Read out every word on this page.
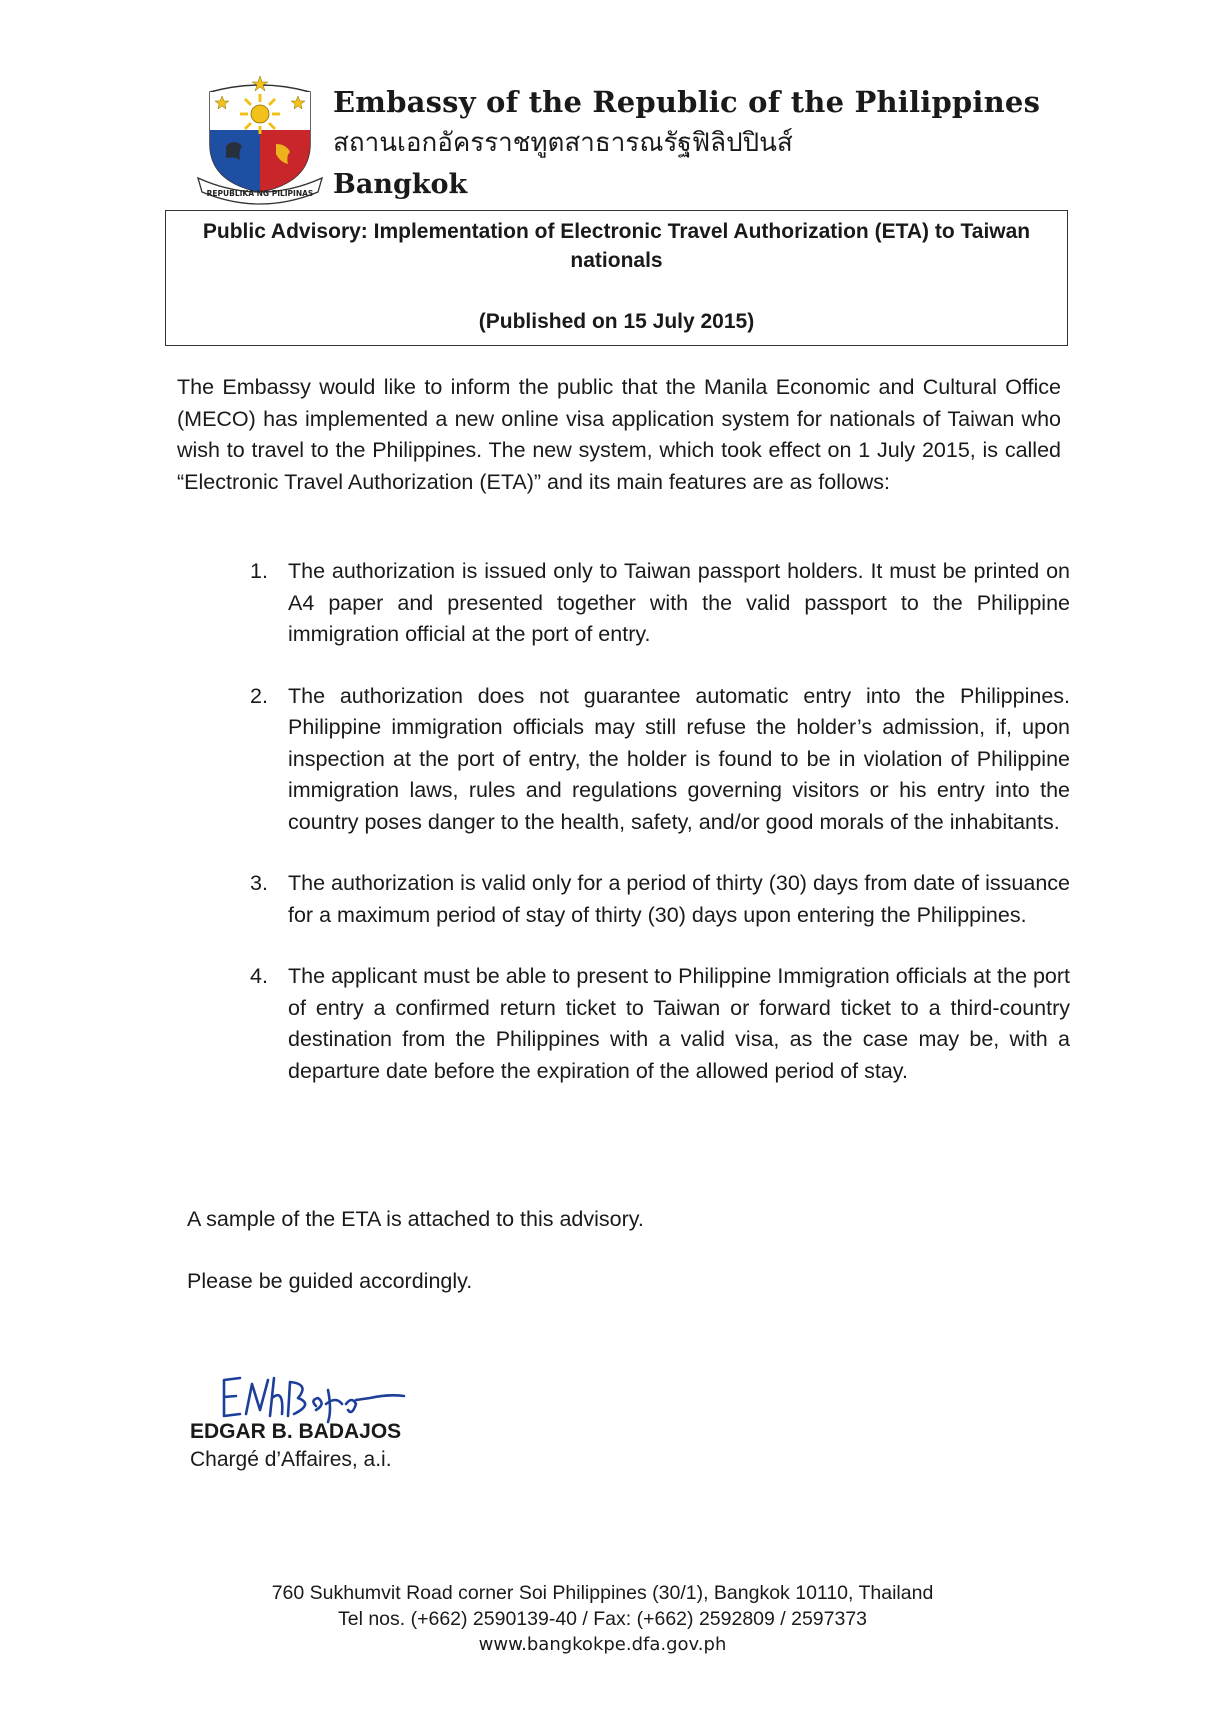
REPUBLIKA NG PILIPINAS
Embassy of the Republic of the Philippines
สถานเอกอัครราชทูตสาธารณรัฐฟิลิปปินส์
Bangkok
Public Advisory: Implementation of Electronic Travel Authorization (ETA) to Taiwan nationals
(Published on 15 July 2015)
The Embassy would like to inform the public that the Manila Economic and Cultural Office (MECO) has implemented a new online visa application system for nationals of Taiwan who wish to travel to the Philippines. The new system, which took effect on 1 July 2015, is called “Electronic Travel Authorization (ETA)” and its main features are as follows:
1. The authorization is issued only to Taiwan passport holders. It must be printed on A4 paper and presented together with the valid passport to the Philippine immigration official at the port of entry.
2. The authorization does not guarantee automatic entry into the Philippines. Philippine immigration officials may still refuse the holder’s admission, if, upon inspection at the port of entry, the holder is found to be in violation of Philippine immigration laws, rules and regulations governing visitors or his entry into the country poses danger to the health, safety, and/or good morals of the inhabitants.
3. The authorization is valid only for a period of thirty (30) days from date of issuance for a maximum period of stay of thirty (30) days upon entering the Philippines.
4. The applicant must be able to present to Philippine Immigration officials at the port of entry a confirmed return ticket to Taiwan or forward ticket to a third-country destination from the Philippines with a valid visa, as the case may be, with a departure date before the expiration of the allowed period of stay.
A sample of the ETA is attached to this advisory.
Please be guided accordingly.
EDGAR B. BADAJOS
Chargé d’Affaires, a.i.
760 Sukhumvit Road corner Soi Philippines (30/1), Bangkok 10110, Thailand
Tel nos. (+662) 2590139-40 / Fax: (+662) 2592809 / 2597373
www.bangkokpe.dfa.gov.ph
